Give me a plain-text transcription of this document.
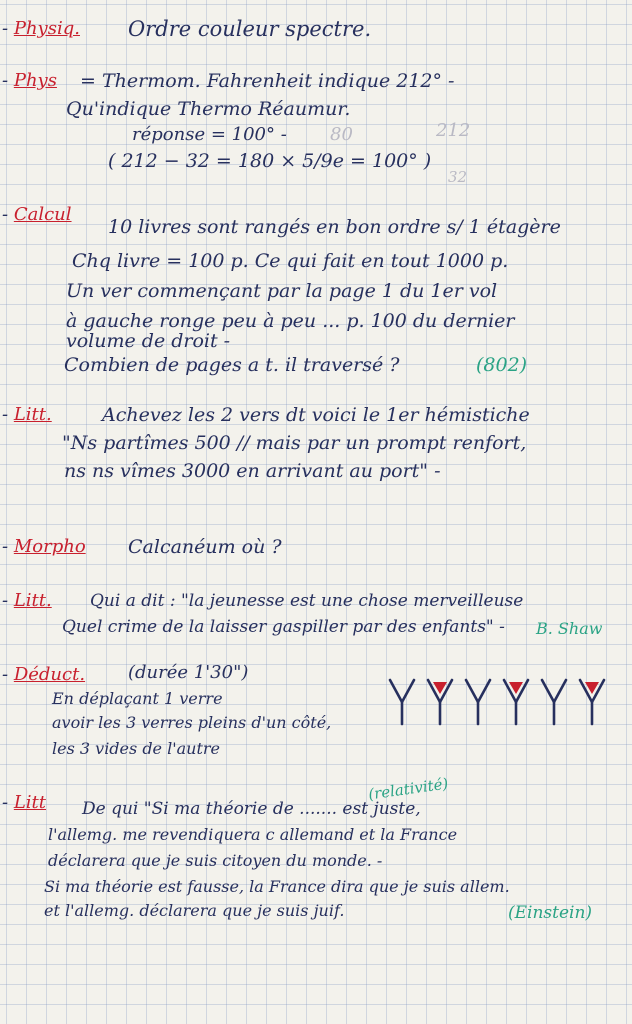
- Physiq. Ordre couleur spectre.
- Phys = Thermom. Fahrenheit indique 212° -
Qu'indique Thermo Réaumur.
réponse = 100° -
( 212 − 32 = 180 × 5/9e = 100° )
80	212
32
- Calcul
10 livres sont rangés en bon ordre s/ 1 étagère
Chq livre = 100 p. Ce qui fait en tout 1000 p.
Un ver commençant par la page 1 du 1er vol
à gauche ronge peu à peu ... p. 100 du dernier
volume de droit -
Combien de pages a t. il traversé ?	(802)
- Litt.	Achevez les 2 vers dt voici le 1er hémistiche
"Ns partîmes 500 // mais par un prompt renfort,
ns ns vîmes 3000 en arrivant au port" -
- Morpho Calcanéum où ?
- Litt. Qui a dit : "la jeunesse est une chose merveilleuse
Quel crime de la laisser gaspiller par des enfants" - B. Shaw
- Déduct. (durée 1'30")
En déplaçant 1 verre
avoir les 3 verres pleins d'un côté,
les 3 vides de l'autre
- Litt	(relativité)
De qui "Si ma théorie de ....... est juste,
l'allemg. me revendiquera c allemand et la France
déclarera que je suis citoyen du monde. -
Si ma théorie est fausse, la France dira que je suis allem.
et l'allemg. déclarera que je suis juif.	(Einstein)
